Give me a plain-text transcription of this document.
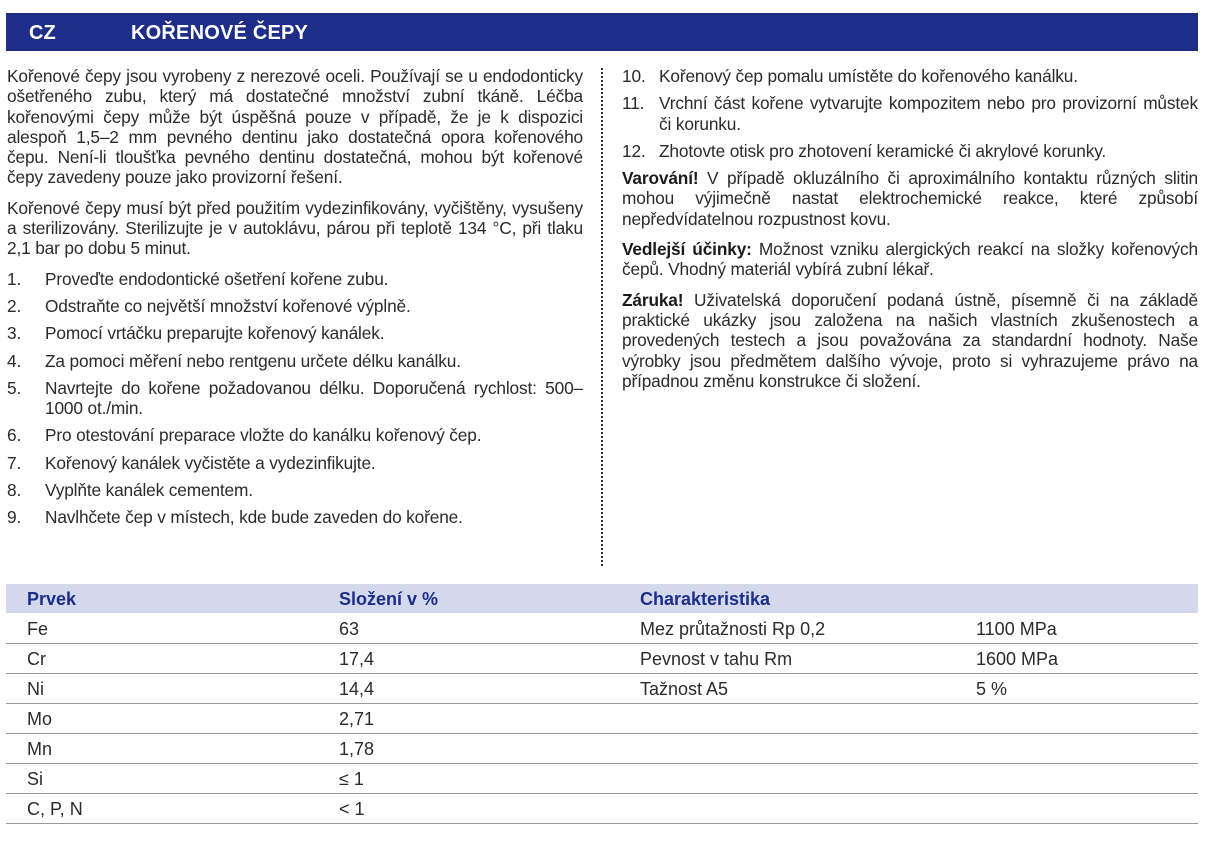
CZ	KOŘENOVÉ ČEPY

Kořenové čepy jsou vyrobeny z nerezové oceli. Používají se u endodonticky ošetřeného zubu, který má dostatečné množství zubní tkáně. Léčba kořenovými čepy může být úspěšná pouze v případě, že je k dispozici alespoň 1,5–2 mm pevného dentinu jako dostatečná opora kořenového čepu. Není-li tloušťka pevného dentinu dostatečná, mohou být kořenové čepy zavedeny pouze jako provizorní řešení.

Kořenové čepy musí být před použitím vydezinfikovány, vyčištěny, vysušeny a sterilizovány. Sterilizujte je v autoklávu, párou při teplotě 134 °C, při tlaku 2,1 bar po dobu 5 minut.

1. Proveďte endodontické ošetření kořene zubu.
2. Odstraňte co největší množství kořenové výplně.
3. Pomocí vrtáčku preparujte kořenový kanálek.
4. Za pomoci měření nebo rentgenu určete délku kanálku.
5. Navrtejte do kořene požadovanou délku. Doporučená rychlost: 500–1000 ot./min.
6. Pro otestování preparace vložte do kanálku kořenový čep.
7. Kořenový kanálek vyčistěte a vydezinfikujte.
8. Vyplňte kanálek cementem.
9. Navlhčete čep v místech, kde bude zaveden do kořene.
10. Kořenový čep pomalu umístěte do kořenového kanálku.
11. Vrchní část kořene vytvarujte kompozitem nebo pro provizorní můstek či korunku.
12. Zhotovte otisk pro zhotovení keramické či akrylové korunky.

Varování! V případě okluzálního či aproximálního kontaktu různých slitin mohou výjimečně nastat elektrochemické reakce, které způsobí nepředvídatelnou rozpustnost kovu.

Vedlejší účinky: Možnost vzniku alergických reakcí na složky kořenových čepů. Vhodný materiál vybírá zubní lékař.

Záruka! Uživatelská doporučení podaná ústně, písemně či na základě praktické ukázky jsou založena na našich vlastních zkušenostech a provedených testech a jsou považována za standardní hodnoty. Naše výrobky jsou předmětem dalšího vývoje, proto si vyhrazujeme právo na případnou změnu konstrukce či složení.

Prvek	Složení v %	Charakteristika
Fe	63	Mez průtažnosti Rp 0,2	1100 MPa
Cr	17,4	Pevnost v tahu Rm	1600 MPa
Ni	14,4	Tažnost A5	5 %
Mo	2,71
Mn	1,78
Si	≤ 1
C, P, N	< 1
